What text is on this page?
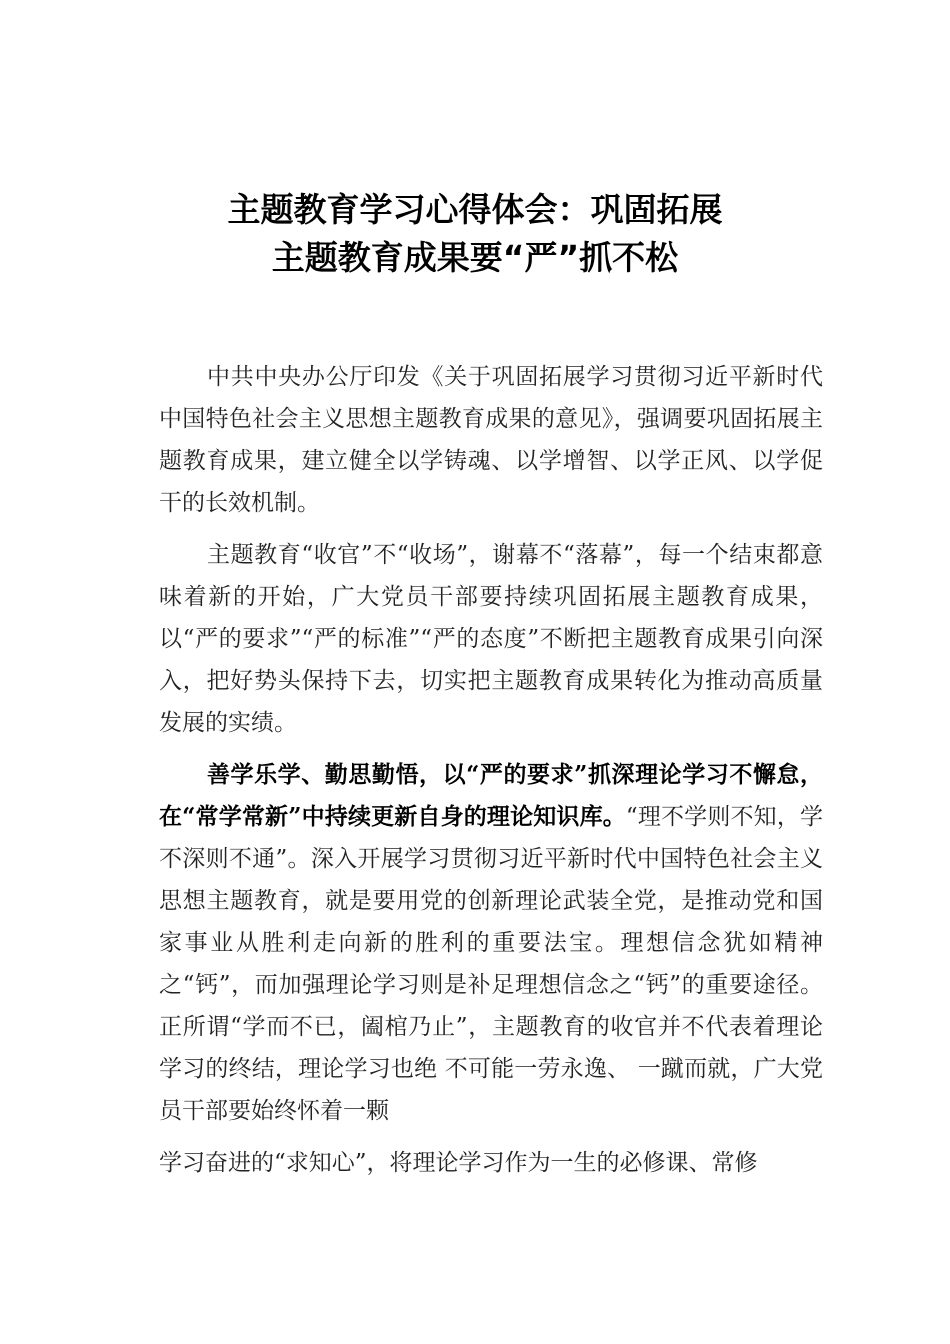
主题教育学习心得体会：巩固拓展
主题教育成果要“严”抓不松

中共中央办公厅印发《关于巩固拓展学习贯彻习近平新时代中国特色社会主义思想主题教育成果的意见》，强调要巩固拓展主题教育成果，建立健全以学铸魂、以学增智、以学正风、以学促干的长效机制。

主题教育“收官”不“收场”，谢幕不“落幕”，每一个结束都意味着新的开始，广大党员干部要持续巩固拓展主题教育成果，以“严的要求”“严的标准”“严的态度”不断把主题教育成果引向深入，把好势头保持下去，切实把主题教育成果转化为推动高质量发展的实绩。

善学乐学、勤思勤悟，以“严的要求”抓深理论学习不懈怠，在“常学常新”中持续更新自身的理论知识库。“理不学则不知，学不深则不通”。深入开展学习贯彻习近平新时代中国特色社会主义思想主题教育，就是要用党的创新理论武装全党，是推动党和国家事业从胜利走向新的胜利的重要法宝。理想信念犹如精神之“钙”，而加强理论学习则是补足理想信念之“钙”的重要途径。正所谓“学而不已，阖棺乃止”，主题教育的收官并不代表着理论学习的终结，理论学习也绝 不可能一劳永逸、 一蹴而就，广大党员干部要始终怀着一颗

学习奋进的“求知心”，将理论学习作为一生的必修课、常修
